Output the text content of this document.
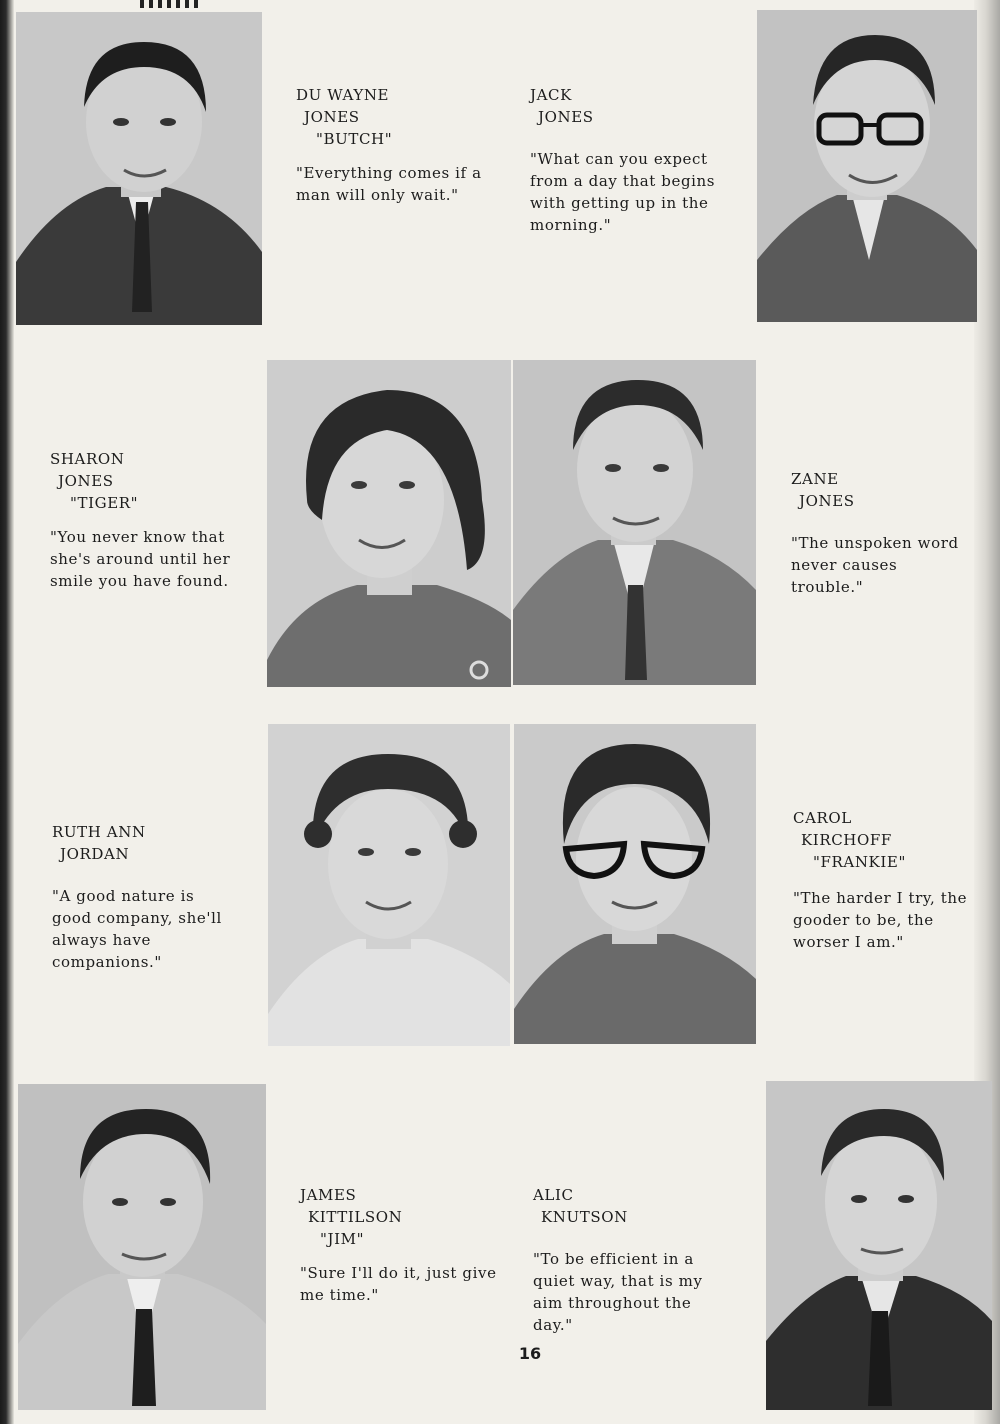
DU WAYNE
JONES
"BUTCH"
"Everything comes if a man will only wait."
JACK
JONES
"What can you expect from a day that begins with getting up in the morning."
SHARON
JONES
"TIGER"
"You never know that she's around until her smile you have found.
ZANE
JONES
"The unspoken word never causes trouble."
RUTH ANN
JORDAN
"A good nature is good company, she'll always have companions."
CAROL
KIRCHOFF
"FRANKIE"
"The harder I try, the gooder to be, the worser I am."
JAMES
KITTILSON
"JIM"
"Sure I'll do it, just give me time."
ALIC
KNUTSON
"To be efficient in a quiet way, that is my aim throughout the day."
16
